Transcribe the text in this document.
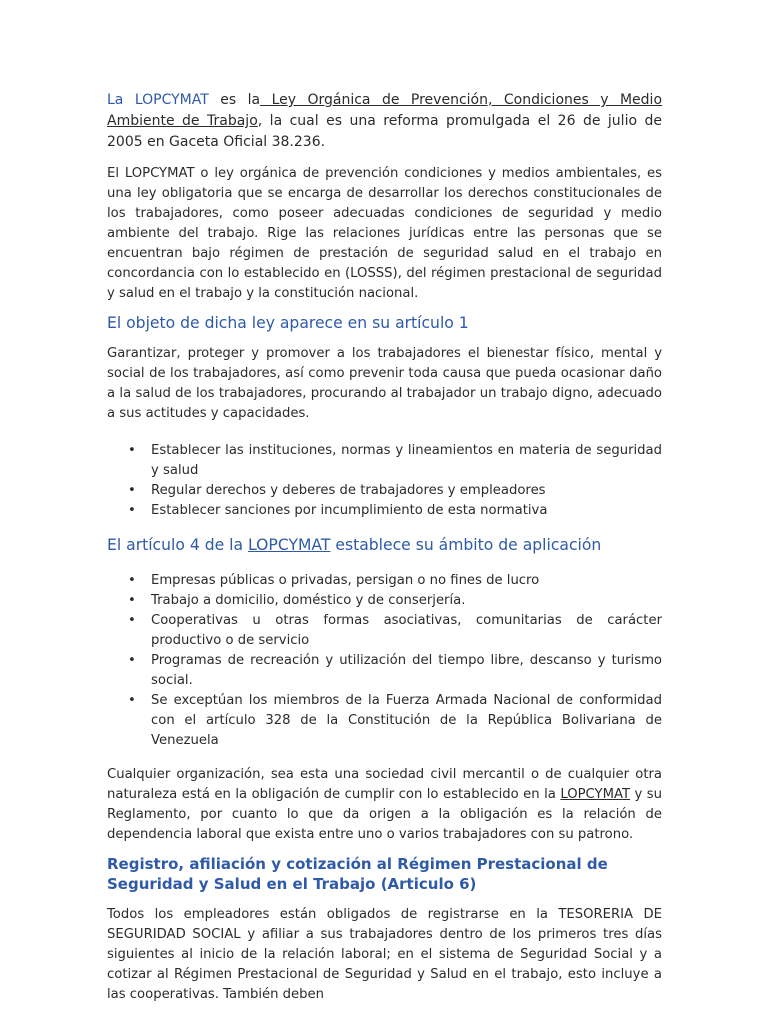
La LOPCYMAT es la Ley Orgánica de Prevención, Condiciones y Medio Ambiente de Trabajo, la cual es una reforma promulgada el 26 de julio de 2005 en Gaceta Oficial 38.236.

El LOPCYMAT o ley orgánica de prevención condiciones y medios ambientales, es una ley obligatoria que se encarga de desarrollar los derechos constitucionales de los trabajadores, como poseer adecuadas condiciones de seguridad y medio ambiente del trabajo. Rige las relaciones jurídicas entre las personas que se encuentran bajo régimen de prestación de seguridad salud en el trabajo en concordancia con lo establecido en (LOSSS), del régimen prestacional de seguridad y salud en el trabajo y la constitución nacional.

El objeto de dicha ley aparece en su artículo 1

Garantizar, proteger y promover a los trabajadores el bienestar físico, mental y social de los trabajadores, así como prevenir toda causa que pueda ocasionar daño a la salud de los trabajadores, procurando al trabajador un trabajo digno, adecuado a sus actitudes y capacidades.

• Establecer las instituciones, normas y lineamientos en materia de seguridad y salud
• Regular derechos y deberes de trabajadores y empleadores
• Establecer sanciones por incumplimiento de esta normativa
El artículo 4 de la LOPCYMAT establece su ámbito de aplicación
• Empresas públicas o privadas, persigan o no fines de lucro
• Trabajo a domicilio, doméstico y de conserjería.
• Cooperativas u otras formas asociativas, comunitarias de carácter productivo o de servicio
• Programas de recreación y utilización del tiempo libre, descanso y turismo social.
• Se exceptúan los miembros de la Fuerza Armada Nacional de conformidad con el artículo 328 de la Constitución de la República Bolivariana de Venezuela

Cualquier organización, sea esta una sociedad civil mercantil o de cualquier otra naturaleza está en la obligación de cumplir con lo establecido en la LOPCYMAT y su Reglamento, por cuanto lo que da origen a la obligación es la relación de dependencia laboral que exista entre uno o varios trabajadores con su patrono.

Registro, afiliación y cotización al Régimen Prestacional de Seguridad y Salud en el Trabajo (Articulo 6)

Todos los empleadores están obligados de registrarse en la TESORERIA DE SEGURIDAD SOCIAL y afiliar a sus trabajadores dentro de los primeros tres días siguientes al inicio de la relación laboral; en el sistema de Seguridad Social y a cotizar al Régimen Prestacional de Seguridad y Salud en el trabajo, esto incluye a las cooperativas. También deben
